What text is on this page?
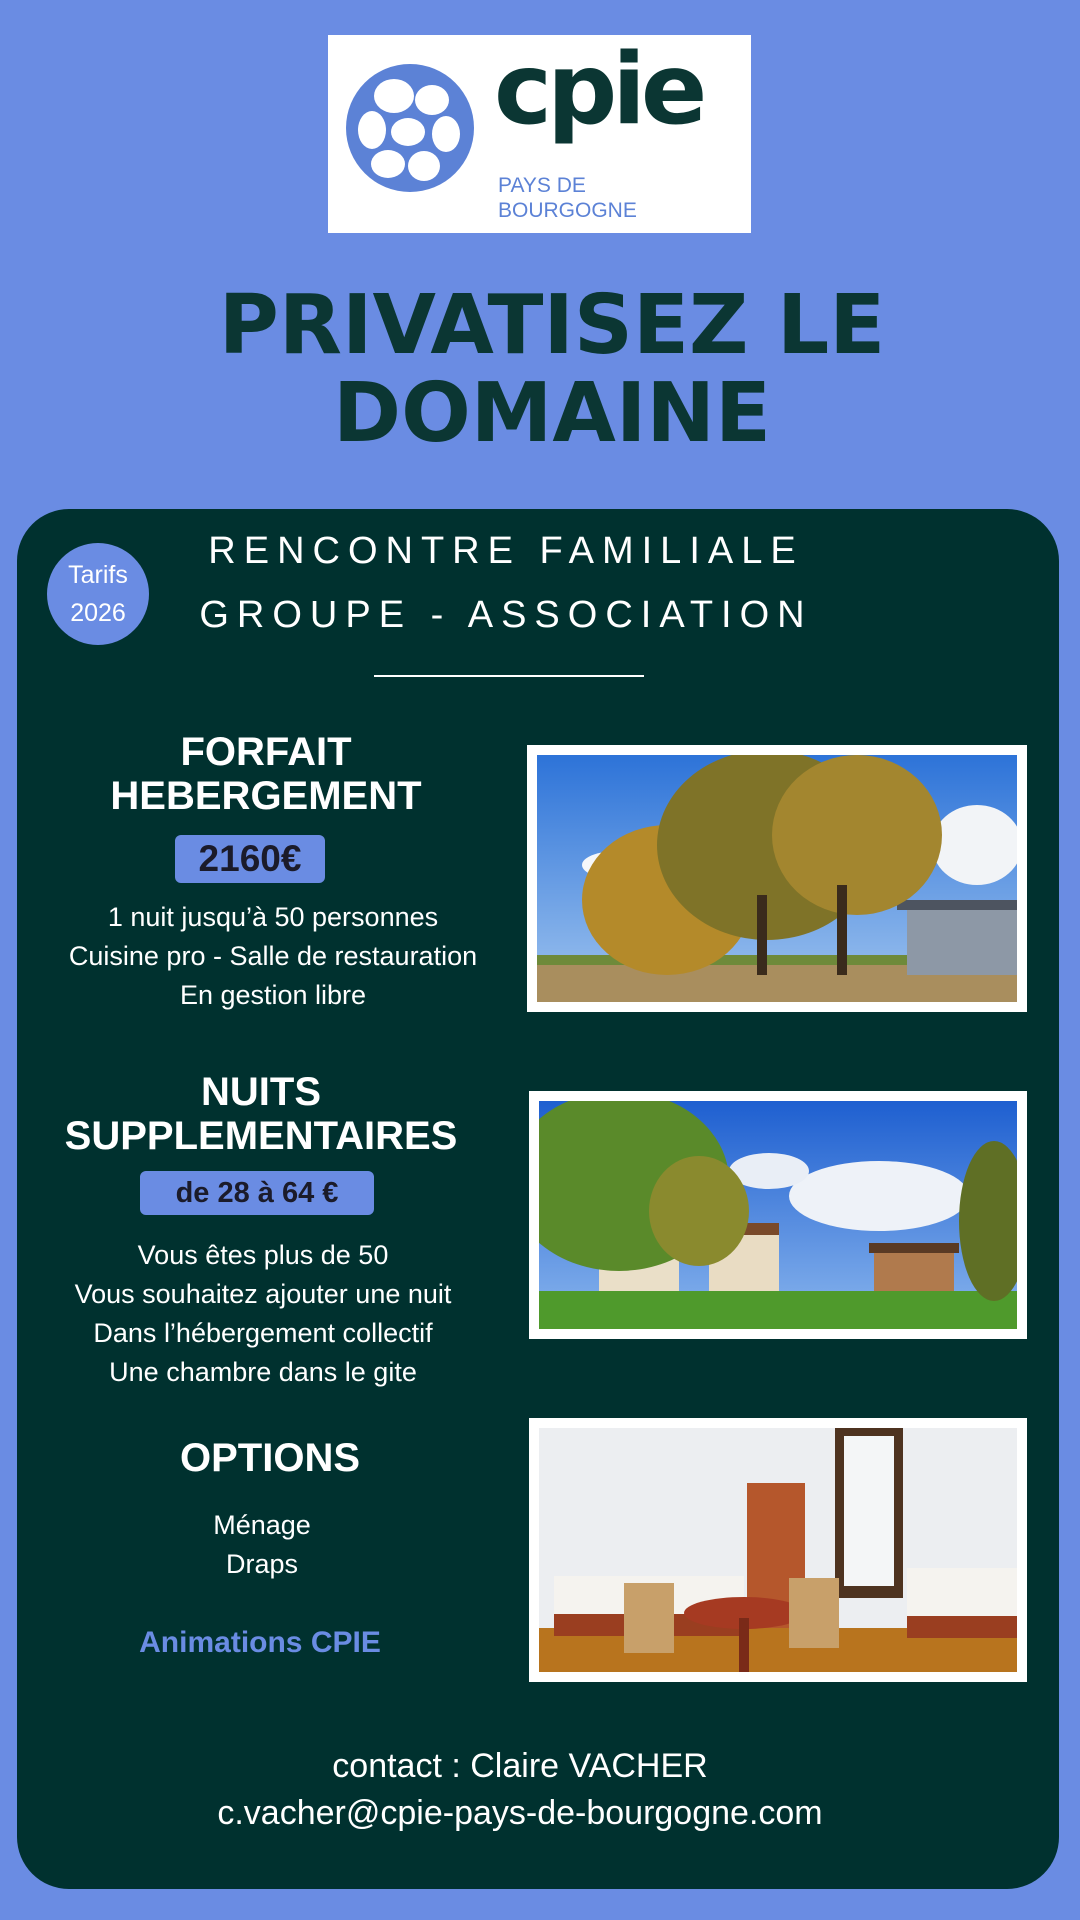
cpie
PAYS DE
BOURGOGNE
PRIVATISEZ LE
DOMAINE
Tarifs
2026
RENCONTRE FAMILIALE
GROUPE - ASSOCIATION
FORFAIT
HEBERGEMENT
2160€
1 nuit jusqu’à 50 personnes
Cuisine pro - Salle de restauration
En gestion libre
NUITS
SUPPLEMENTAIRES
de 28 à 64 €
Vous êtes plus de 50
Vous souhaitez ajouter une nuit
Dans l’hébergement collectif
Une chambre dans le gite
OPTIONS
Ménage
Draps
Animations CPIE
contact : Claire VACHER
c.vacher@cpie-pays-de-bourgogne.com
